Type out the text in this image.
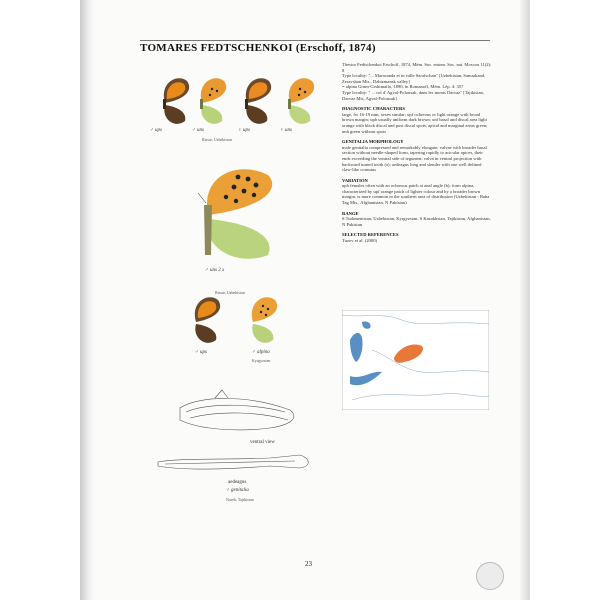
TOMARES FEDTSCHENKOI (Erschoff, 1874)
♂ ups	♂ uns	♀ ups	♀ uns
Rissar, Uzbekistan
♂ uns 2 x
Rissar, Uzbekistan
♂ ups	♂ alpina
Kyrgyzstan
ventral view
aedeagus
♂ genitalia
Nurek, Tajikistan

Thestor Fedtschenkoi Erschoff, 1874, Mém. Soc. entom. Soc. nat. Moscou 11(2): 8

Type locality: "... Maracanda et in valle Sarafschan" [Uzbekistan, Samarkand, Zeravshan Mts., Dzhizmansk valley]

= alpina Grum-Grshimailo, 1890, in Romanoff, Mém. Lép. 4: 357

Type locality: " ... col d' Agval-Polousak, dans les monts Darvaz" [Tajikistan, Darvaz Mts, Agval-Polousak]

DIAGNOSTIC CHARACTERS

large, fw 16-19 mm; sexes similar; upf ochreous or light orange with broad brown margin; uph usually uniform dark brown; unf basal and discal area light orange with black discal and post discal spots, apical and marginal areas green; unh green without spots

GENITALIA MORPHOLOGY

male genitalia compressed and remarkably elongate; valvae with broader basal section without needle-shaped form, tapering rapidly to acicular apices, their ends exceeding the ventral side of tegumen; valva in ventral projection with backward turned tooth (a); aedeagus long and slender with one well defined claw-like cornutus

VARIATION

uph females often with an ochreous patch at anal angle (b); form alpina, characterized by upf orange patch of lighter colour and by a broader brown margin, is more common in the southern area of distribution (Uzbekistan - Baba Tag Mts., Afghanistan, N Pakistan)

RANGE

S Turkmenistan, Uzbekistan, Kyrgyzstan, S Kazakhstan, Tajikistan, Afghanistan, N Pakistan

SELECTED REFERENCES

Tuzov et al. (2000)

23
